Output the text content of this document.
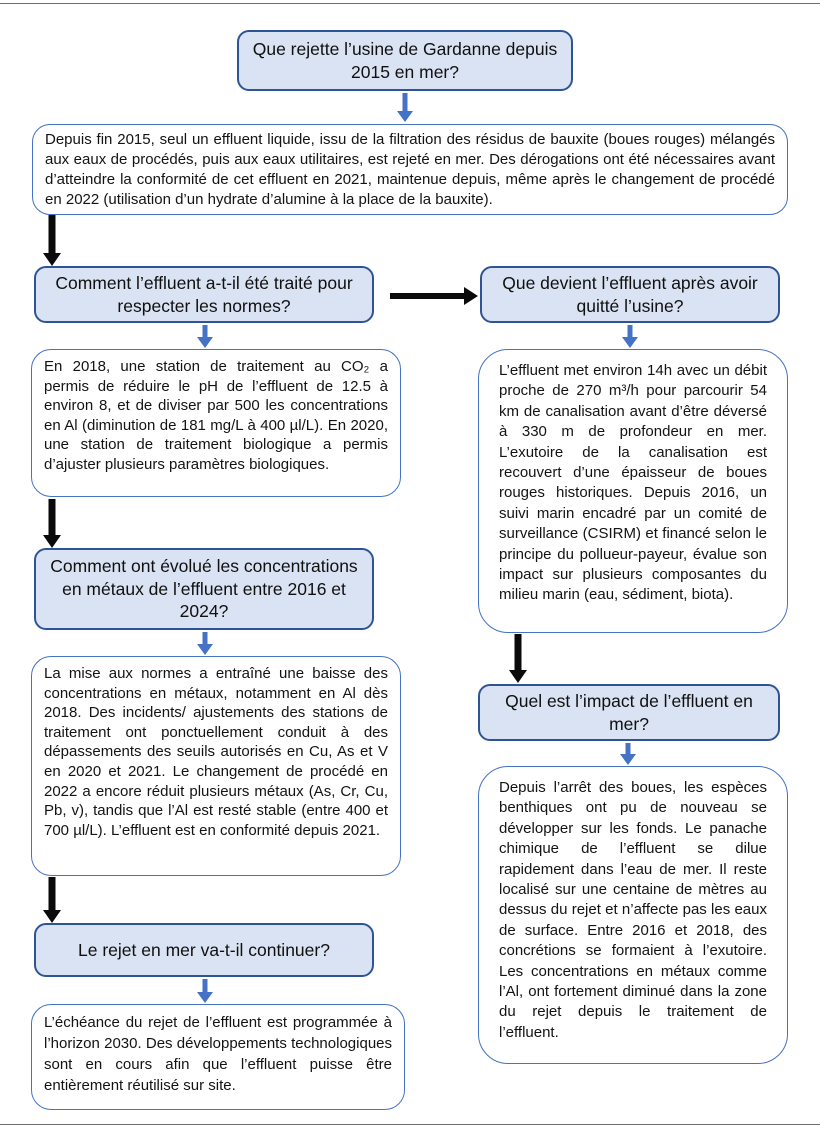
Que rejette l’usine de Gardanne depuis 2015 en mer?
Depuis fin 2015, seul un effluent liquide, issu de la filtration des résidus de bauxite (boues rouges) mélangés aux eaux de procédés, puis aux eaux utilitaires, est rejeté en mer. Des dérogations ont été nécessaires avant d’atteindre la conformité de cet effluent en 2021, maintenue depuis, même après le changement de procédé en 2022 (utilisation d’un hydrate d’alumine à la place de la bauxite).
Comment l’effluent a-t-il été traité pour respecter les normes?
Que devient l’effluent après avoir quitté l’usine?
En 2018, une station de traitement au CO₂ a permis de réduire le pH de l’effluent de 12.5 à environ 8, et de diviser par 500 les concentrations en Al (diminution de 181 mg/L à 400 µl/L). En 2020, une station de traitement biologique a permis d’ajuster plusieurs paramètres biologiques.
L’effluent met environ 14h avec un débit proche de 270 m³/h pour parcourir 54 km de canalisation avant d’être déversé à 330 m de profondeur en mer. L’exutoire de la canalisation est recouvert d’une épaisseur de boues rouges historiques. Depuis 2016, un suivi marin encadré par un comité de surveillance (CSIRM) et financé selon le principe du pollueur-payeur, évalue son impact sur plusieurs composantes du milieu marin (eau, sédiment, biota).
Comment ont évolué les concentrations en métaux de l’effluent entre 2016 et 2024?
La mise aux normes a entraîné une baisse des concentrations en métaux, notamment en Al dès 2018. Des incidents/ ajustements des stations de traitement ont ponctuellement conduit à des dépassements des seuils autorisés en Cu, As et V en 2020 et 2021. Le changement de procédé en 2022 a encore réduit plusieurs métaux (As, Cr, Cu, Pb, v), tandis que l’Al est resté stable (entre 400 et 700 µl/L). L’effluent est en conformité depuis 2021.
Quel est l’impact de l’effluent en mer?
Depuis l’arrêt des boues, les espèces benthiques ont pu de nouveau se développer sur les fonds. Le panache chimique de l’effluent se dilue rapidement dans l’eau de mer. Il reste localisé sur une centaine de mètres au dessus du rejet et n’affecte pas les eaux de surface. Entre 2016 et 2018, des concrétions se formaient à l’exutoire. Les concentrations en métaux comme l’Al, ont fortement diminué dans la zone du rejet depuis le traitement de l’effluent.
Le rejet en mer va-t-il continuer?
L’échéance du rejet de l’effluent est programmée à l’horizon 2030. Des développements technologiques sont en cours afin que l’effluent puisse être entièrement réutilisé sur site.
